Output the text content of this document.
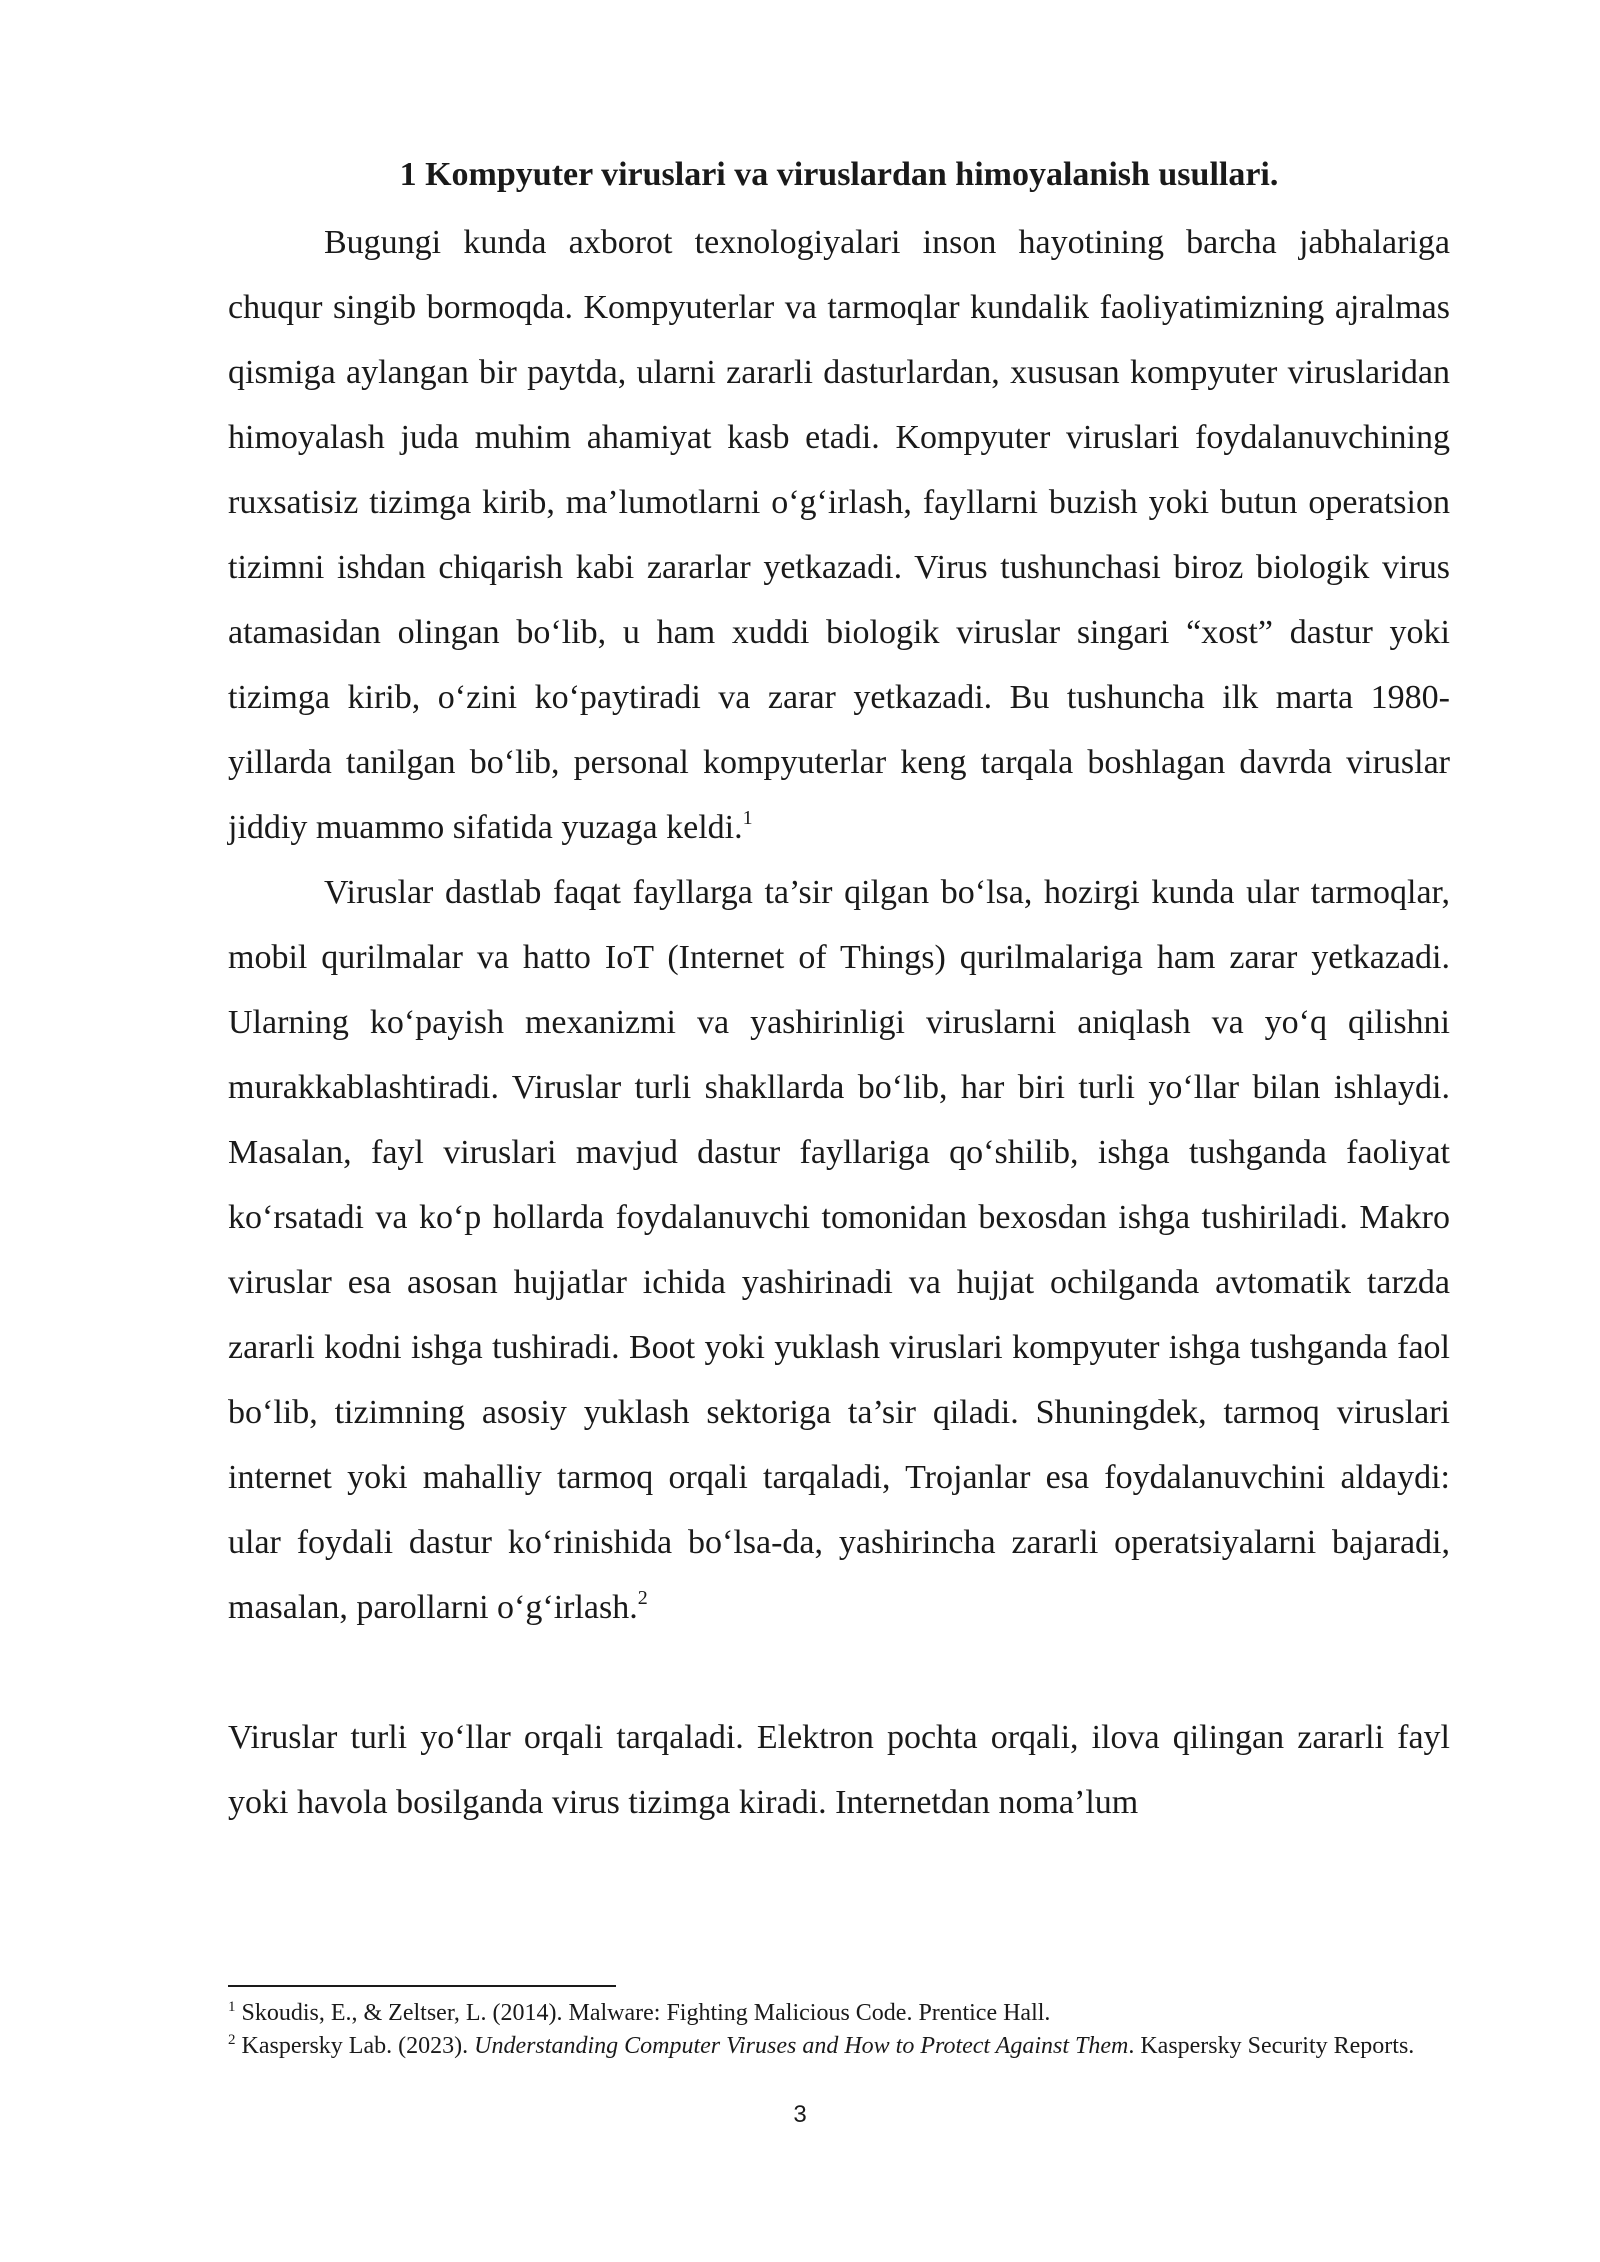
1 Kompyuter viruslari va viruslardan himoyalanish usullari.

Bugungi kunda axborot texnologiyalari inson hayotining barcha jabhalariga chuqur singib bormoqda. Kompyuterlar va tarmoqlar kundalik faoliyatimizning ajralmas qismiga aylangan bir paytda, ularni zararli dasturlardan, xususan kompyuter viruslaridan himoyalash juda muhim ahamiyat kasb etadi. Kompyuter viruslari foydalanuvchining ruxsatisiz tizimga kirib, ma’lumotlarni o‘g‘irlash, fayllarni buzish yoki butun operatsion tizimni ishdan chiqarish kabi zararlar yetkazadi. Virus tushunchasi biroz biologik virus atamasidan olingan bo‘lib, u ham xuddi biologik viruslar singari “xost” dastur yoki tizimga kirib, o‘zini ko‘paytiradi va zarar yetkazadi. Bu tushuncha ilk marta 1980-yillarda tanilgan bo‘lib, personal kompyuterlar keng tarqala boshlagan davrda viruslar jiddiy muammo sifatida yuzaga keldi.$^1$

Viruslar dastlab faqat fayllarga ta’sir qilgan bo‘lsa, hozirgi kunda ular tarmoqlar, mobil qurilmalar va hatto IoT (Internet of Things) qurilmalariga ham zarar yetkazadi. Ularning ko‘payish mexanizmi va yashirinligi viruslarni aniqlash va yo‘q qilishni murakkablashtiradi. Viruslar turli shakllarda bo‘lib, har biri turli yo‘llar bilan ishlaydi. Masalan, fayl viruslari mavjud dastur fayllariga qo‘shilib, ishga tushganda faoliyat ko‘rsatadi va ko‘p hollarda foydalanuvchi tomonidan bexosdan ishga tushiriladi. Makro viruslar esa asosan hujjatlar ichida yashirinadi va hujjat ochilganda avtomatik tarzda zararli kodni ishga tushiradi. Boot yoki yuklash viruslari kompyuter ishga tushganda faol bo‘lib, tizimning asosiy yuklash sektoriga ta’sir qiladi. Shuningdek, tarmoq viruslari internet yoki mahalliy tarmoq orqali tarqaladi, Trojanlar esa foydalanuvchini aldaydi: ular foydali dastur ko‘rinishida bo‘lsa-da, yashirincha zararli operatsiyalarni bajaradi, masalan, parollarni o‘g‘irlash.$^2$

Viruslar turli yo‘llar orqali tarqaladi. Elektron pochta orqali, ilova qilingan zararli fayl yoki havola bosilganda virus tizimga kiradi. Internetdan noma’lum

$^1$ Skoudis, E., & Zeltser, L. (2014). Malware: Fighting Malicious Code. Prentice Hall.

$^2$ Kaspersky Lab. (2023). Understanding Computer Viruses and How to Protect Against Them. Kaspersky Security Reports.

3
